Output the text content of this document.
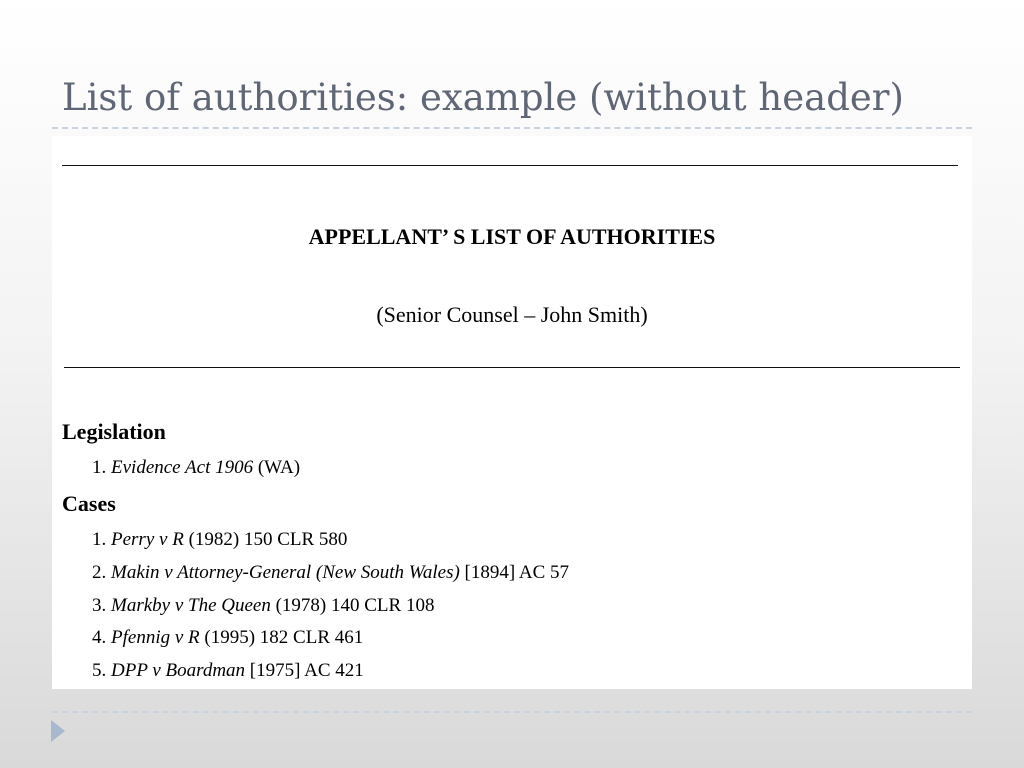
List of authorities: example (without header)
APPELLANT’ S LIST OF AUTHORITIES
(Senior Counsel – John Smith)
Legislation
1. Evidence Act 1906 (WA)
Cases
1. Perry v R (1982) 150 CLR 580
2. Makin v Attorney-General (New South Wales) [1894] AC 57
3. Markby v The Queen (1978) 140 CLR 108
4. Pfennig v R (1995) 182 CLR 461
5. DPP v Boardman [1975] AC 421
